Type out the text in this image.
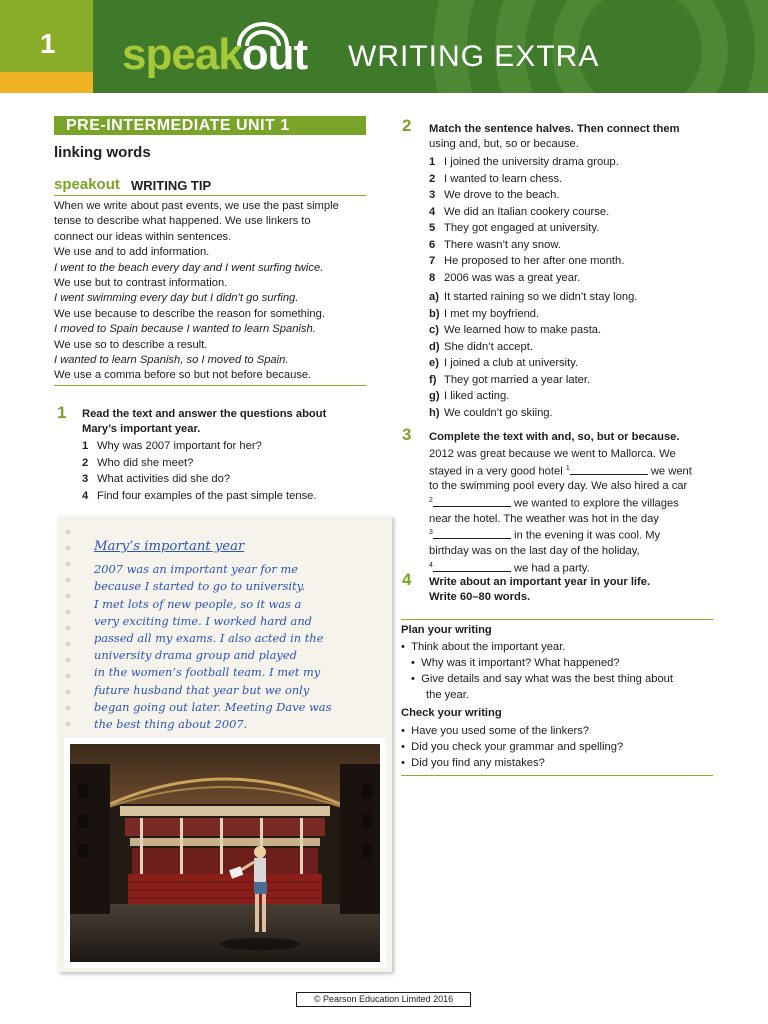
1 speakout WRITING EXTRA
PRE-INTERMEDIATE UNIT 1
linking words
speakout WRITING TIP

When we write about past events, we use the past simple

tense to describe what happened. We use linkers to

connect our ideas within sentences.

We use and to add information.

I went to the beach every day and I went surfing twice.

We use but to contrast information.

I went swimming every day but I didn’t go surfing.

We use because to describe the reason for something.

I moved to Spain because I wanted to learn Spanish.

We use so to describe a result.

I wanted to learn Spanish, so I moved to Spain.

We use a comma before so but not before because.

1 Read the text and answer the questions about
Mary’s important year.
1 Why was 2007 important for her?
2 Who did she meet?
3 What activities did she do?
4 Find four examples of the past simple tense.
Mary’s important year

2007 was an important year for me

because I started to go to university.

I met lots of new people, so it was a

very exciting time. I worked hard and

passed all my exams. I also acted in the

university drama group and played

in the women’s football team. I met my

future husband that year but we only

began going out later. Meeting Dave was

the best thing about 2007.

2 Match the sentence halves. Then connect them
using and, but, so or because.
1 I joined the university drama group.
2 I wanted to learn chess.
3 We drove to the beach.
4 We did an Italian cookery course.
5 They got engaged at university.
6 There wasn’t any snow.
7 He proposed to her after one month.
8 2006 was was a great year.
a) It started raining so we didn’t stay long.
b) I met my boyfriend.
c) We learned how to make pasta.
d) She didn’t accept.
e) I joined a club at university.
f) They got married a year later.
g) I liked acting.
h) We couldn’t go skiing.
3 Complete the text with and, so, but or because.
2012 was great because we went to Mallorca. We
stayed in a very good hotel $^1$	we went
to the swimming pool every day. We also hired a car
$^2$	we wanted to explore the villages
near the hotel. The weather was hot in the day
$^3$	in the evening it was cool. My
birthday was on the last day of the holiday,
$^4$	we had a party.
4 Write about an important year in your life.
Write 60–80 words.
Plan your writing
•  Think about the important year.
•  Why was it important? What happened?
•  Give details and say what was the best thing about
the year.
Check your writing
•  Have you used some of the linkers?
•  Did you check your grammar and spelling?
•  Did you find any mistakes?
© Pearson Education Limited 2016
